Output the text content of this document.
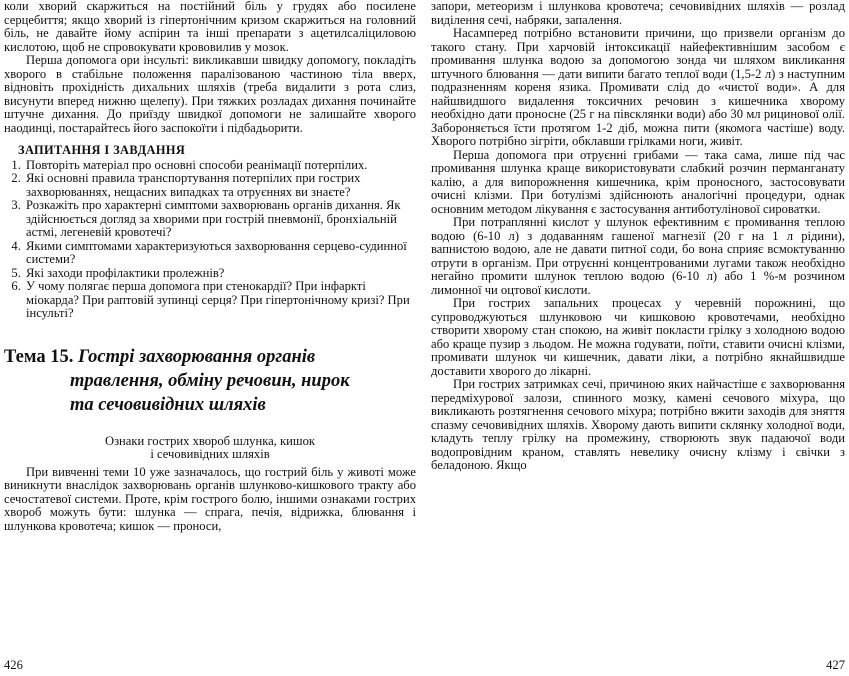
коли хворий скаржиться на постійний біль у грудях або посилене серцебиття; якщо хворий із гіпертонічним кризом скаржиться на головний біль, не давайте йому аспірин та інші препарати з ацетилсаліциловою кислотою, щоб не спровокувати крововилив у мозок.

Перша допомога ори інсульті: викликавши швидку допомогу, покладіть хворого в стабільне положення паралізованою частиною тіла вверх, відновіть прохідність дихальних шляхів (треба видалити з рота слиз, висунути вперед нижню щелепу). При тяжких розладах дихання починайте штучне дихання. До приїзду швидкої допомоги не залишайте хворого наодинці, постарайтесь його заспокоїти і підбадьорити.

ЗАПИТАННЯ І ЗАВДАННЯ
1. Повторіть матеріал про основні способи реанімації потерпілих.
2. Які основні правила транспортування потерпілих при гострих захворюваннях, нещасних випадках та отруєннях ви знаєте?
3. Розкажіть про характерні симптоми захворювань органів дихання. Як здійснюється догляд за хворими при гострій пневмонії, бронхіальній астмі, легеневій кровотечі?
4. Якими симптомами характеризуються захворювання серцево-судинної системи?
5. Які заходи профілактики пролежнів?
6. У чому полягає перша допомога при стенокардії? При інфаркті міокарда? При раптовій зупинці серця? При гіпертонічному кризі? При інсульті?
Тема 15. Гострі захворювання органів
травлення, обміну речовин, нирок
та сечовивідних шляхів
Ознаки гострих хвороб шлунка, кишок
і сечовивідних шляхів

При вивченні теми 10 уже зазначалось, що гострий біль у животі може виникнути внаслідок захворювань органів шлунково-кишкового тракту або сечостатевої системи. Проте, крім гострого болю, іншими ознаками гострих хвороб можуть бути: шлунка — спрага, печія, відрижка, блювання і шлункова кровотеча; кишок — проноси,

426

запори, метеоризм і шлункова кровотеча; сечовивідних шляхів — розлад виділення сечі, набряки, запалення.

Насамперед потрібно встановити причини, що призвели організм до такого стану. При харчовій інтоксикації найефективнішим засобом є промивання шлунка водою за допомогою зонда чи шляхом викликання штучного блювання — дати випити багато теплої води (1,5-2 л) з наступним подразненням кореня язика. Промивати слід до «чистої води». А для найшвидшого видалення токсичних речовин з кишечника хворому необхідно дати проносне (25 г на півсклянки води) або 30 мл рицинової олії. Забороняється їсти протягом 1-2 діб, можна пити (якомога частіше) воду. Хворого потрібно зігріти, обклавши грілками ноги, живіт.

Перша допомога при отруєнні грибами — така сама, лише під час промивання шлунка краще використовувати слабкий розчин перманганату калію, а для випорожнення кишечника, крім проносного, застосовувати очисні клізми. При ботулізмі здійснюють аналогічні процедури, однак основним методом лікування є застосування антиботулінової сироватки.

При потраплянні кислот у шлунок ефективним є промивання теплою водою (6-10 л) з додаванням гашеної магнезії (20 г на 1 л рідини), вапнистою водою, але не давати питної соди, бо вона сприяє всмоктуванню отрути в організм. При отруєнні концентрованими лугами також необхідно негайно промити шлунок теплою водою (6-10 л) або 1 %-м розчином лимонної чи оцтової кислоти.

При гострих запальних процесах у черевній порожнині, що супроводжуються шлунковою чи кишковою кровотечами, необхідно створити хворому стан спокою, на живіт покласти грілку з холодною водою або краще пузир з льодом. Не можна годувати, поїти, ставити очисні клізми, промивати шлунок чи кишечник, давати ліки, а потрібно якнайшвидше доставити хворого до лікарні.

При гострих затримках сечі, причиною яких найчастіше є захворювання передміхурової залози, спинного мозку, камені сечового міхура, що викликають розтягнення сечового міхура; потрібно вжити заходів для зняття спазму сечовивідних шляхів. Хворому дають випити склянку холодної води, кладуть теплу грілку на промежину, створюють звук падаючої води водопровідним краном, ставлять невелику очисну клізму і свічки з беладоною. Якщо

427
